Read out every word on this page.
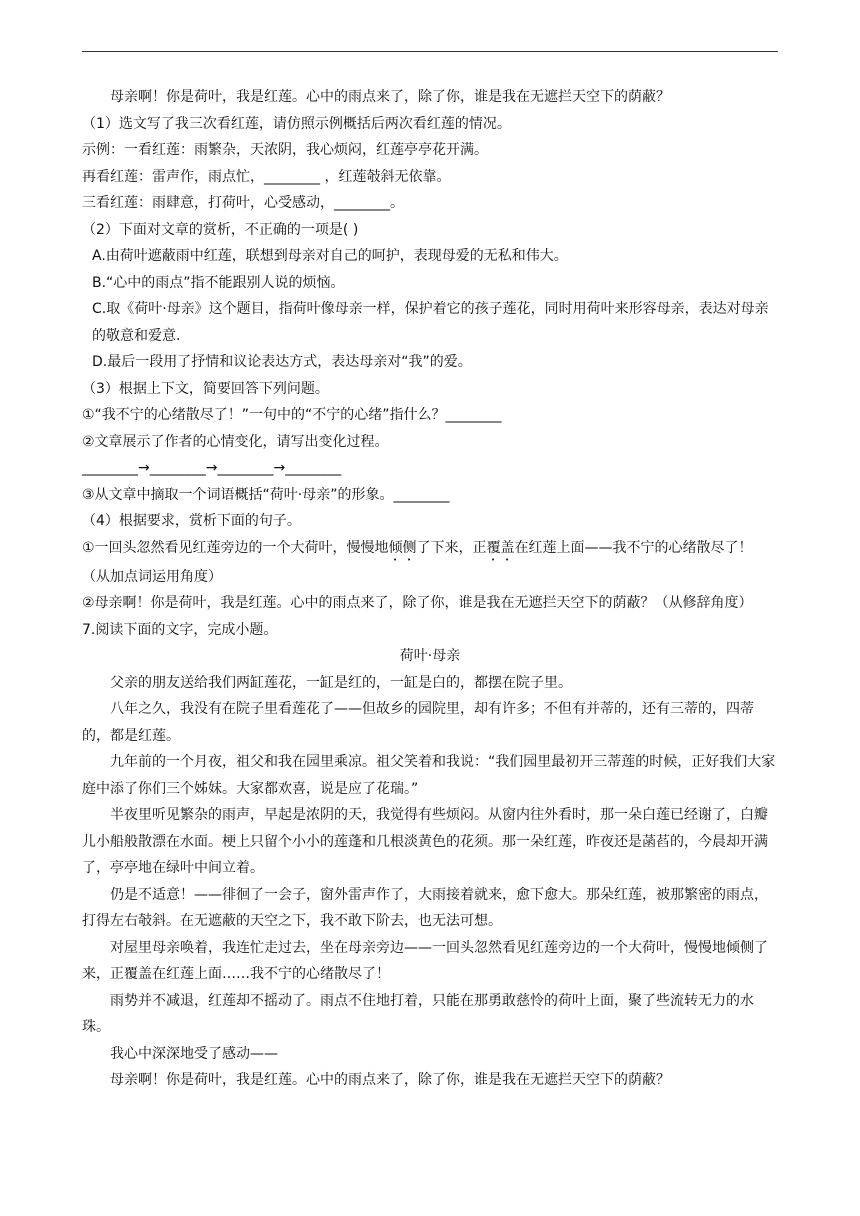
母亲啊！你是荷叶，我是红莲。心中的雨点来了，除了你，谁是我在无遮拦天空下的荫蔽？

（1）选文写了我三次看红莲，请仿照示例概括后两次看红莲的情况。

示例：一看红莲：雨繁杂，天浓阴，我心烦闷，红莲亭亭花开满。

再看红莲：雷声作，雨点忙，________ ，红莲攲斜无依靠。

三看红莲：雨肆意，打荷叶，心受感动，________。

（2）下面对文章的赏析，不正确的一项是( )

A.由荷叶遮蔽雨中红莲，联想到母亲对自己的呵护，表现母爱的无私和伟大。

B.“心中的雨点”指不能跟别人说的烦恼。

C.取《荷叶·母亲》这个题目，指荷叶像母亲一样，保护着它的孩子莲花，同时用荷叶来形容母亲，表达对母亲的敬意和爱意.

D.最后一段用了抒情和议论表达方式，表达母亲对“我”的爱。

（3）根据上下文，简要回答下列问题。

①“我不宁的心绪散尽了！”一句中的“不宁的心绪”指什么？________

②文章展示了作者的心情变化，请写出变化过程。

________→________→________→________

③从文章中摘取一个词语概括“荷叶·母亲”的形象。________

（4）根据要求，赏析下面的句子。

①一回头忽然看见红莲旁边的一个大荷叶，慢慢地倾侧了下来，正覆盖在红莲上面——我不宁的心绪散尽了！（从加点词运用角度）

②母亲啊！你是荷叶，我是红莲。心中的雨点来了，除了你，谁是我在无遮拦天空下的荫蔽？（从修辞角度）

7.阅读下面的文字，完成小题。

荷叶·母亲

父亲的朋友送给我们两缸莲花，一缸是红的，一缸是白的，都摆在院子里。

八年之久，我没有在院子里看莲花了——但故乡的园院里，却有许多；不但有并蒂的，还有三蒂的，四蒂的，都是红莲。

九年前的一个月夜，祖父和我在园里乘凉。祖父笑着和我说：“我们园里最初开三蒂莲的时候，正好我们大家庭中添了你们三个姊妹。大家都欢喜，说是应了花瑞。”

半夜里听见繁杂的雨声，早起是浓阴的天，我觉得有些烦闷。从窗内往外看时，那一朵白莲已经谢了，白瓣儿小船般散漂在水面。梗上只留个小小的莲蓬和几根淡黄色的花须。那一朵红莲，昨夜还是菡萏的，今晨却开满了，亭亭地在绿叶中间立着。

仍是不适意！——徘徊了一会子，窗外雷声作了，大雨接着就来，愈下愈大。那朵红莲，被那繁密的雨点，打得左右攲斜。在无遮蔽的天空之下，我不敢下阶去，也无法可想。

对屋里母亲唤着，我连忙走过去，坐在母亲旁边——一回头忽然看见红莲旁边的一个大荷叶，慢慢地倾侧了来，正覆盖在红莲上面……我不宁的心绪散尽了！

雨势并不减退，红莲却不摇动了。雨点不住地打着，只能在那勇敢慈怜的荷叶上面，聚了些流转无力的水珠。

我心中深深地受了感动——

母亲啊！你是荷叶，我是红莲。心中的雨点来了，除了你，谁是我在无遮拦天空下的荫蔽？
